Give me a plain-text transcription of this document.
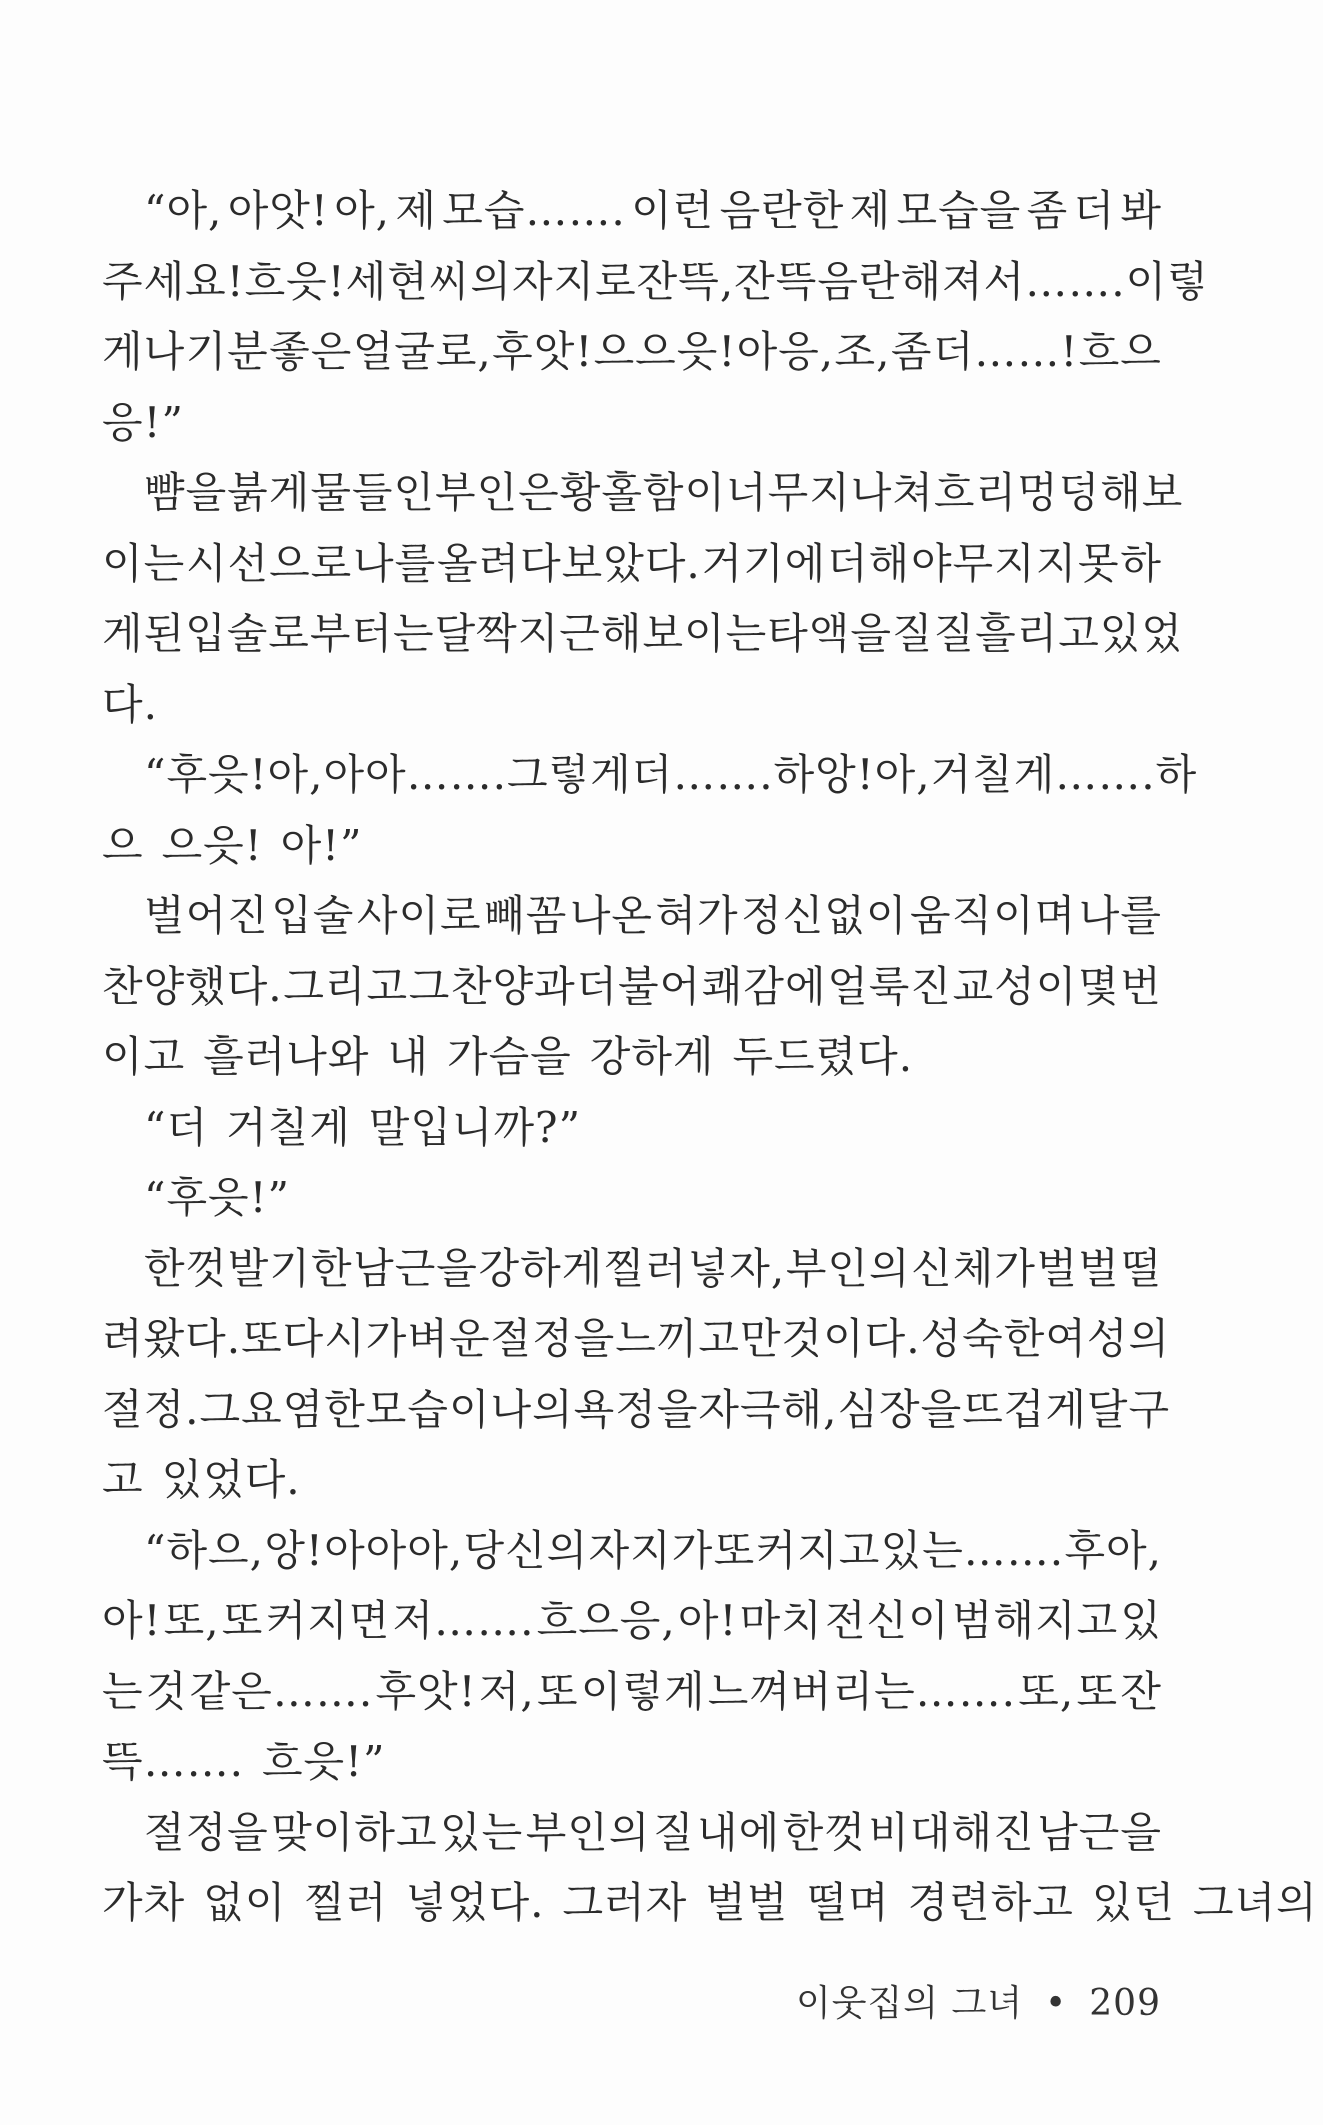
“아, 아앗! 아, 제 모습……. 이런 음란한 제 모습을 좀 더 봐
주세요! 흐읏! 세현 씨의 자지로 잔뜩, 잔뜩 음란해져서……. 이렇
게나 기분 좋은 얼굴로, 후앗! 으으읏! 아응, 조, 좀 더……! 흐으
응!”
뺨을 붉게 물들인 부인은 황홀함이 너무 지나쳐 흐리멍덩해 보
이는 시선으로 나를 올려다보았다. 거기에 더해 야무지지 못 하
게 된 입술로부터는 달짝지근해 보이는 타액을 질질 흘리고 있었
다.
“후읏! 아, 아아……. 그렇게 더……. 하앙! 아, 거칠게……. 하
으 으읏! 아!”
벌어진 입술 사이로 빼꼼 나온 혀가 정신없이 움직이며 나를
찬양했다. 그리고 그 찬양과 더불어 쾌감에 얼룩진 교성이 몇 번
이고 흘러나와 내 가슴을 강하게 두드렸다.
“더 거칠게 말입니까?”
“후읏!”
한껏 발기한 남근을 강하게 찔러 넣자, 부인의 신체가 벌벌 떨
려왔다. 또다시 가벼운 절정을 느끼고만 것이다. 성숙한 여성의
절정. 그 요염한 모습이 나의 욕정을 자극해, 심장을 뜨겁게 달구
고 있었다.
“하으, 앙! 아아아, 당신의 자지가 또 커지고 있는……. 후아,
아! 또, 또 커지면 저……. 흐으응, 아! 마치 전신이 범해지고 있
는 것 같은……. 후앗! 저, 또 이렇게 느껴버리는……. 또, 또 잔
뜩……. 흐읏!”
절정을 맞이하고 있는 부인의 질 내에 한껏 비대해진 남근을
가차 없이 찔러 넣었다. 그러자 벌벌 떨며 경련하고 있던 그녀의
이웃집의 그녀 • 209
